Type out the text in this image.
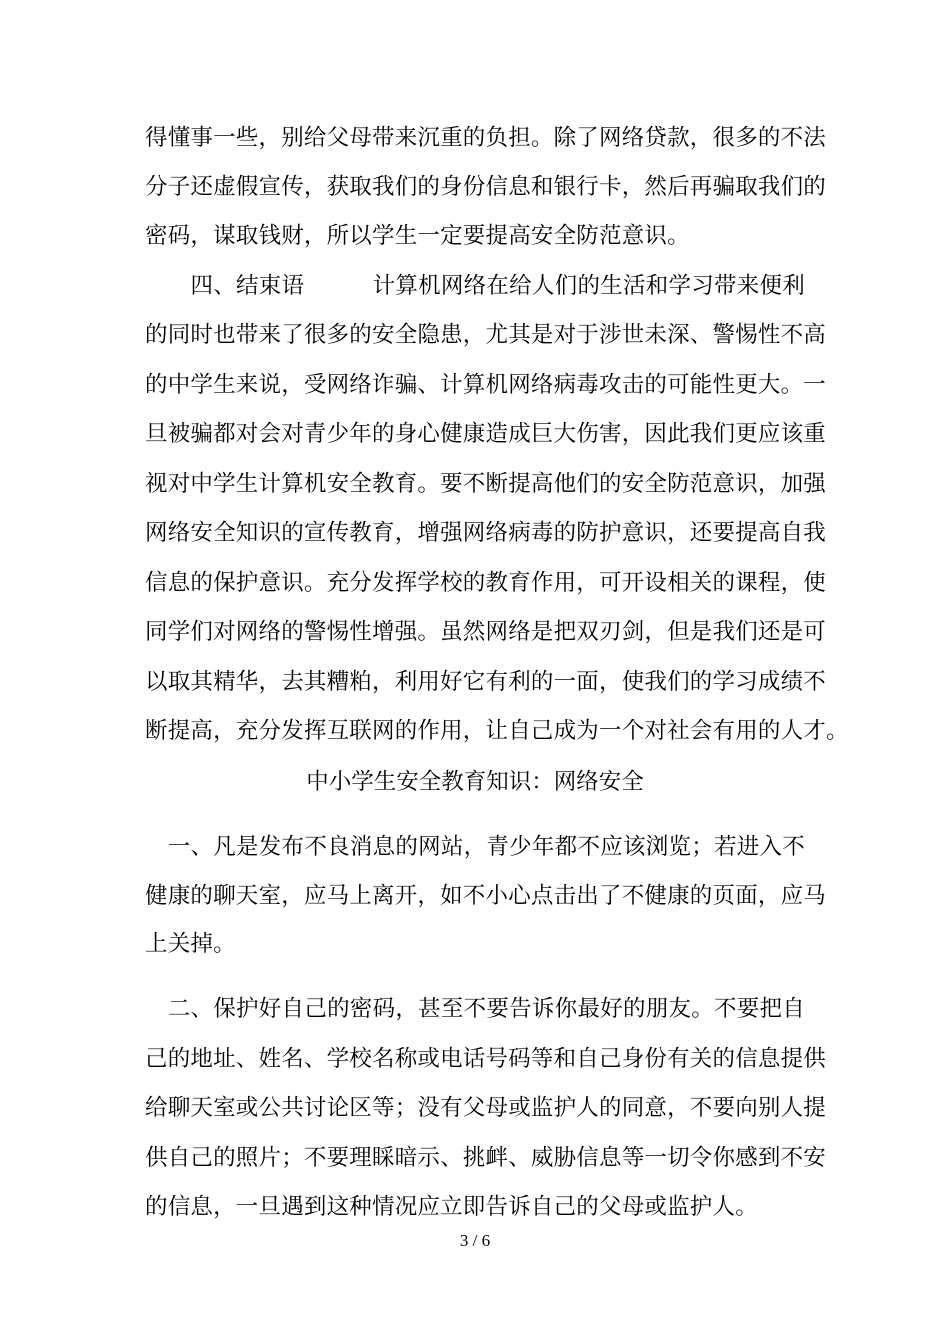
得懂事一些，别给父母带来沉重的负担。除了网络贷款，很多的不法
分子还虚假宣传，获取我们的身份信息和银行卡，然后再骗取我们的
密码，谋取钱财，所以学生一定要提高安全防范意识。
　　四、结束语　　　计算机网络在给人们的生活和学习带来便利
的同时也带来了很多的安全隐患，尤其是对于涉世未深、警惕性不高
的中学生来说，受网络诈骗、计算机网络病毒攻击的可能性更大。一
旦被骗都对会对青少年的身心健康造成巨大伤害，因此我们更应该重
视对中学生计算机安全教育。要不断提高他们的安全防范意识，加强
网络安全知识的宣传教育，增强网络病毒的防护意识，还要提高自我
信息的保护意识。充分发挥学校的教育作用，可开设相关的课程，使
同学们对网络的警惕性增强。虽然网络是把双刃剑，但是我们还是可
以取其精华，去其糟粕，利用好它有利的一面，使我们的学习成绩不
断提高，充分发挥互联网的作用，让自己成为一个对社会有用的人才。
中小学生安全教育知识：网络安全
　一、凡是发布不良消息的网站，青少年都不应该浏览；若进入不
健康的聊天室，应马上离开，如不小心点击出了不健康的页面，应马
上关掉。
　二、保护好自己的密码，甚至不要告诉你最好的朋友。不要把自
己的地址、姓名、学校名称或电话号码等和自己身份有关的信息提供
给聊天室或公共讨论区等；没有父母或监护人的同意，不要向别人提
供自己的照片；不要理睬暗示、挑衅、威胁信息等一切令你感到不安
的信息，一旦遇到这种情况应立即告诉自己的父母或监护人。
3 / 6
